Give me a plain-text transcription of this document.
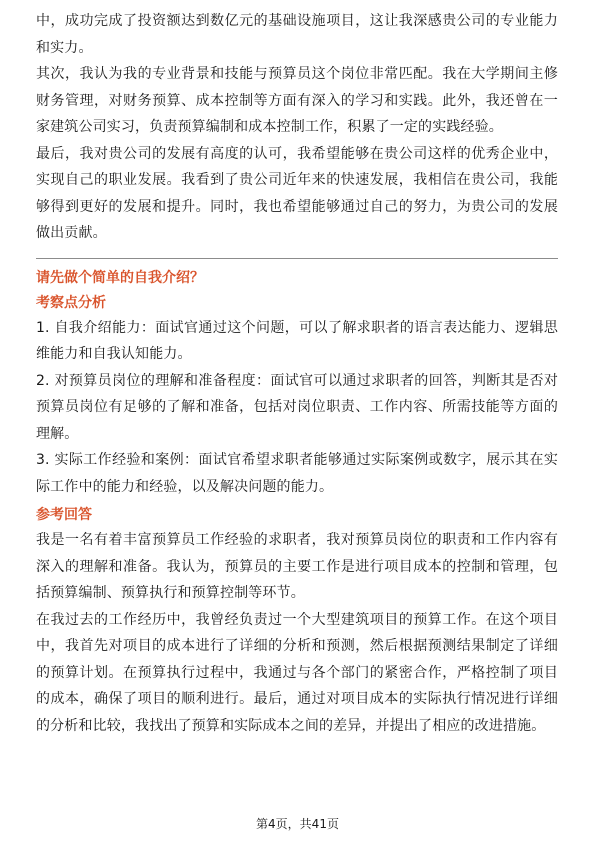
中，成功完成了投资额达到数亿元的基础设施项目，这让我深感贵公司的专业能力和实力。

其次，我认为我的专业背景和技能与预算员这个岗位非常匹配。我在大学期间主修财务管理，对财务预算、成本控制等方面有深入的学习和实践。此外，我还曾在一家建筑公司实习，负责预算编制和成本控制工作，积累了一定的实践经验。

最后，我对贵公司的发展有高度的认可，我希望能够在贵公司这样的优秀企业中，实现自己的职业发展。我看到了贵公司近年来的快速发展，我相信在贵公司，我能够得到更好的发展和提升。同时，我也希望能够通过自己的努力，为贵公司的发展做出贡献。

请先做个简单的自我介绍？

考察点分析

1. 自我介绍能力：面试官通过这个问题，可以了解求职者的语言表达能力、逻辑思维能力和自我认知能力。

2. 对预算员岗位的理解和准备程度：面试官可以通过求职者的回答，判断其是否对预算员岗位有足够的了解和准备，包括对岗位职责、工作内容、所需技能等方面的理解。

3. 实际工作经验和案例：面试官希望求职者能够通过实际案例或数字，展示其在实际工作中的能力和经验，以及解决问题的能力。

参考回答

我是一名有着丰富预算员工作经验的求职者，我对预算员岗位的职责和工作内容有深入的理解和准备。我认为，预算员的主要工作是进行项目成本的控制和管理，包括预算编制、预算执行和预算控制等环节。

在我过去的工作经历中，我曾经负责过一个大型建筑项目的预算工作。在这个项目中，我首先对项目的成本进行了详细的分析和预测，然后根据预测结果制定了详细的预算计划。在预算执行过程中，我通过与各个部门的紧密合作，严格控制了项目的成本，确保了项目的顺利进行。最后，通过对项目成本的实际执行情况进行详细的分析和比较，我找出了预算和实际成本之间的差异，并提出了相应的改进措施。

第4页，共41页
